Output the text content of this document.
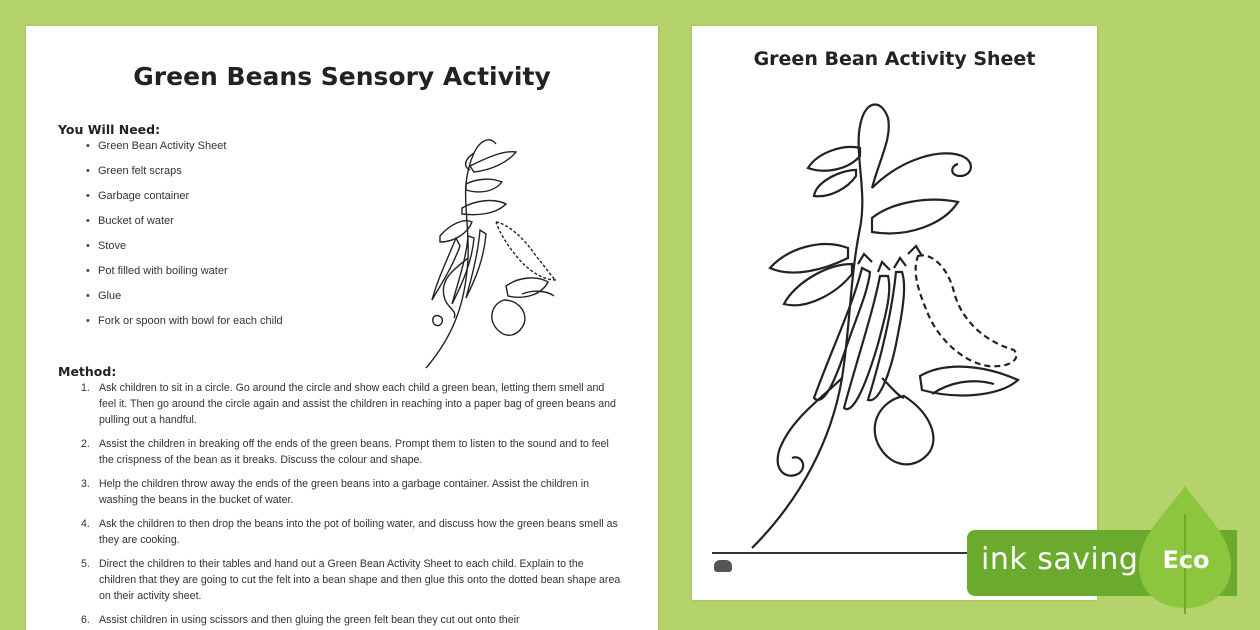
Green Beans Sensory Activity
You Will Need:
• Green Bean Activity Sheet
• Green felt scraps
• Garbage container
• Bucket of water
• Stove
• Pot filled with boiling water
• Glue
• Fork or spoon with bowl for each child
Method:
1. Ask children to sit in a circle. Go around the circle and show each child a green bean, letting them smell and feel it. Then go around the circle again and assist the children in reaching into a paper bag of green beans and pulling out a handful.
2. Assist the children in breaking off the ends of the green beans. Prompt them to listen to the sound and to feel the crispness of the bean as it breaks. Discuss the colour and shape.
3. Help the children throw away the ends of the green beans into a garbage container. Assist the children in washing the beans in the bucket of water.
4. Ask the children to then drop the beans into the pot of boiling water, and discuss how the green beans smell as they are cooking.
5. Direct the children to their tables and hand out a Green Bean Activity Sheet to each child. Explain to the children that they are going to cut the felt into a bean shape and then glue this onto the dotted bean shape area on their activity sheet.
6. Assist children in using scissors and then gluing the green felt bean they cut out onto their
Green Bean Activity Sheet
ink saving Eco
